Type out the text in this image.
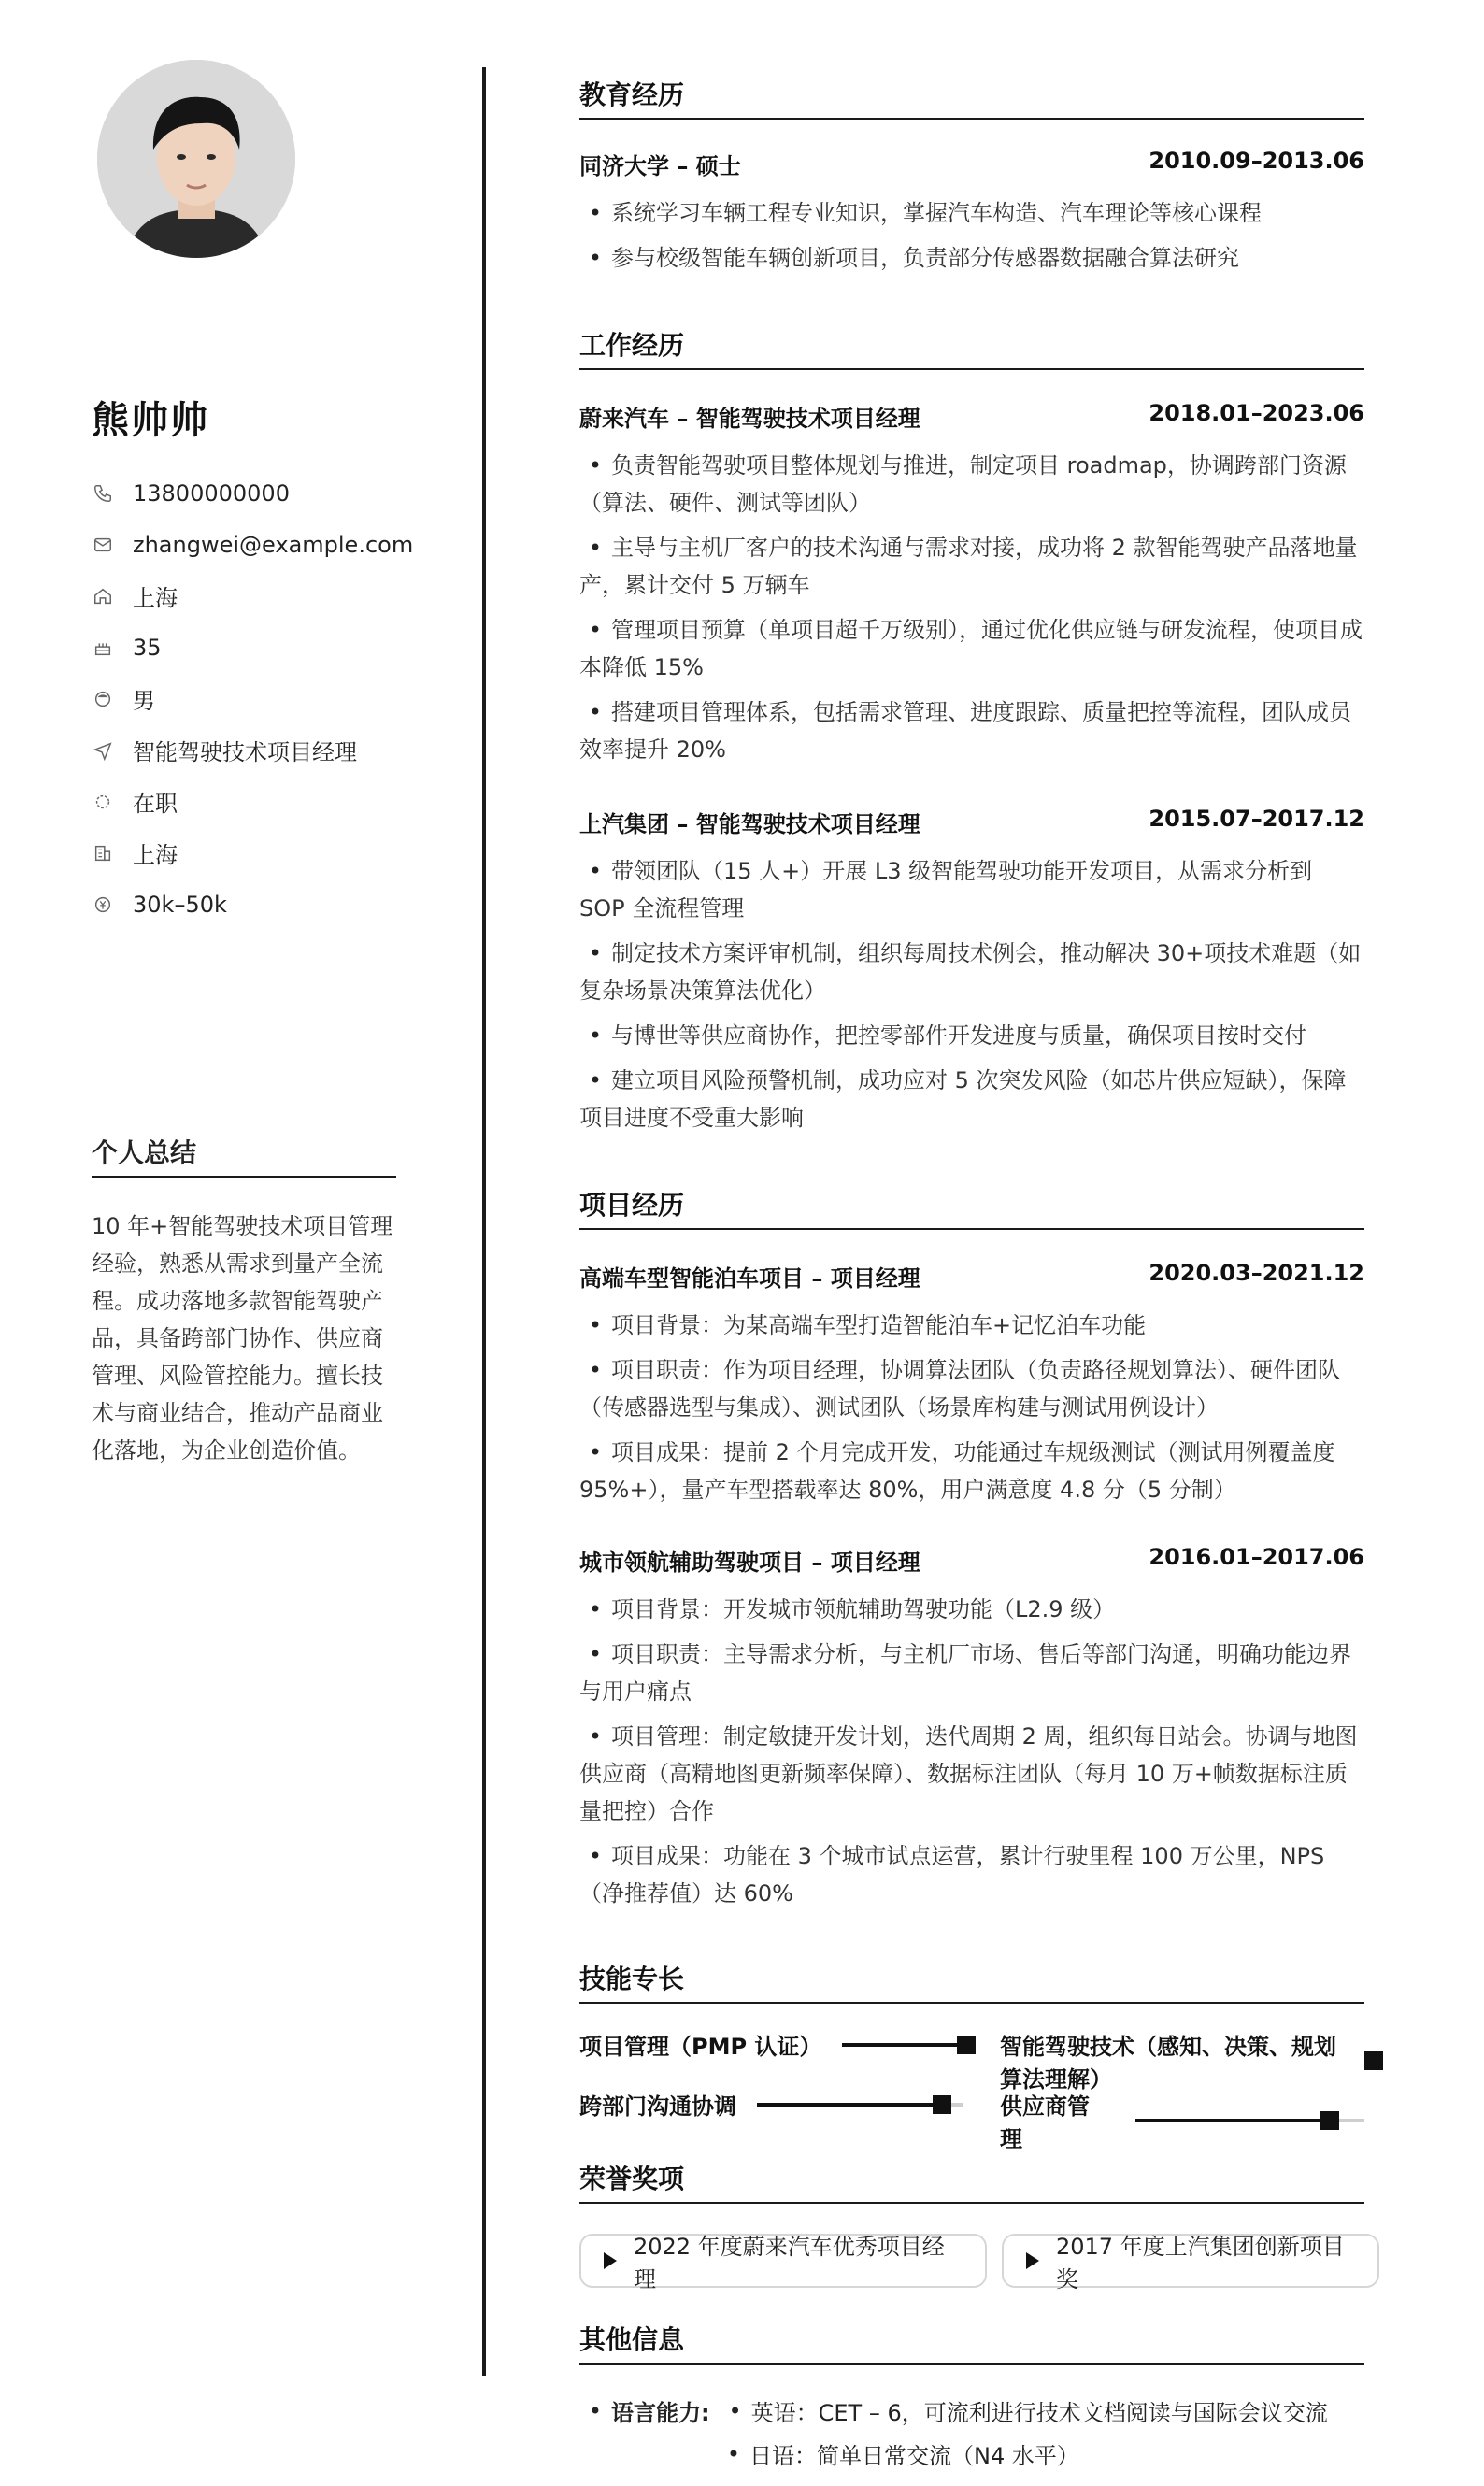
熊帅帅
13800000000
zhangwei@example.com
上海
35
男
智能驾驶技术项目经理
在职
上海
30k–50k
个人总结
10 年+智能驾驶技术项目管理经验，熟悉从需求到量产全流程。成功落地多款智能驾驶产品，具备跨部门协作、供应商管理、风险管控能力。擅长技术与商业结合，推动产品商业化落地，为企业创造价值。
教育经历
同济大学 – 硕士	2010.09–2013.06
• 系统学习车辆工程专业知识，掌握汽车构造、汽车理论等核心课程
• 参与校级智能车辆创新项目，负责部分传感器数据融合算法研究
工作经历
蔚来汽车 – 智能驾驶技术项目经理	2018.01–2023.06
• 负责智能驾驶项目整体规划与推进，制定项目 roadmap，协调跨部门资源（算法、硬件、测试等团队）
• 主导与主机厂客户的技术沟通与需求对接，成功将 2 款智能驾驶产品落地量产，累计交付 5 万辆车
• 管理项目预算（单项目超千万级别），通过优化供应链与研发流程，使项目成本降低 15%
• 搭建项目管理体系，包括需求管理、进度跟踪、质量把控等流程，团队成员效率提升 20%
上汽集团 – 智能驾驶技术项目经理	2015.07–2017.12
• 带领团队（15 人+）开展 L3 级智能驾驶功能开发项目，从需求分析到 SOP 全流程管理
• 制定技术方案评审机制，组织每周技术例会，推动解决 30+项技术难题（如复杂场景决策算法优化）
• 与博世等供应商协作，把控零部件开发进度与质量，确保项目按时交付
• 建立项目风险预警机制，成功应对 5 次突发风险（如芯片供应短缺），保障项目进度不受重大影响
项目经历
高端车型智能泊车项目 – 项目经理	2020.03–2021.12
• 项目背景：为某高端车型打造智能泊车+记忆泊车功能
• 项目职责：作为项目经理，协调算法团队（负责路径规划算法）、硬件团队（传感器选型与集成）、测试团队（场景库构建与测试用例设计）
• 项目成果：提前 2 个月完成开发，功能通过车规级测试（测试用例覆盖度 95%+），量产车型搭载率达 80%，用户满意度 4.8 分（5 分制）
城市领航辅助驾驶项目 – 项目经理	2016.01–2017.06
• 项目背景：开发城市领航辅助驾驶功能（L2.9 级）
• 项目职责：主导需求分析，与主机厂市场、售后等部门沟通，明确功能边界与用户痛点
• 项目管理：制定敏捷开发计划，迭代周期 2 周，组织每日站会。协调与地图供应商（高精地图更新频率保障）、数据标注团队（每月 10 万+帧数据标注质量把控）合作
• 项目成果：功能在 3 个城市试点运营，累计行驶里程 100 万公里，NPS（净推荐值）达 60%
技能专长
项目管理（PMP 认证）	智能驾驶技术（感知、决策、规划算法理解）
跨部门沟通协调	供应商管理
荣誉奖项
2022 年度蔚来汽车优秀项目经理
2017 年度上汽集团创新项目奖
其他信息
• 语言能力: • 英语：CET – 6，可流利进行技术文档阅读与国际会议交流
• 日语：简单日常交流（N4 水平）
